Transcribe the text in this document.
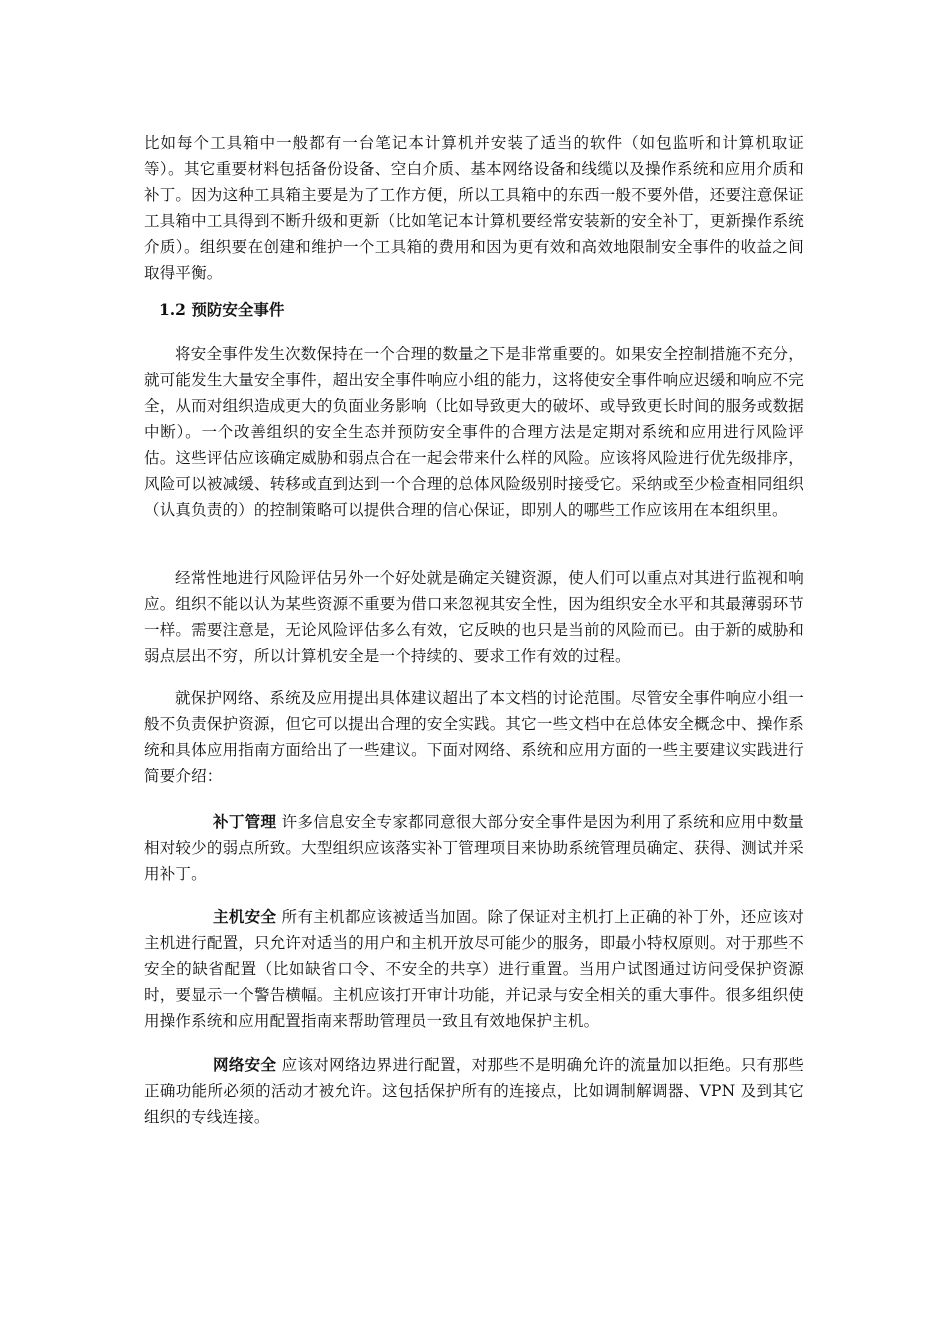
比如每个工具箱中一般都有一台笔记本计算机并安装了适当的软件（如包监听和计算机取证等）。其它重要材料包括备份设备、空白介质、基本网络设备和线缆以及操作系统和应用介质和补丁。因为这种工具箱主要是为了工作方便，所以工具箱中的东西一般不要外借，还要注意保证工具箱中工具得到不断升级和更新（比如笔记本计算机要经常安装新的安全补丁，更新操作系统介质）。组织要在创建和维护一个工具箱的费用和因为更有效和高效地限制安全事件的收益之间取得平衡。

1.2 预防安全事件

将安全事件发生次数保持在一个合理的数量之下是非常重要的。如果安全控制措施不充分，就可能发生大量安全事件，超出安全事件响应小组的能力，这将使安全事件响应迟缓和响应不完全，从而对组织造成更大的负面业务影响（比如导致更大的破坏、或导致更长时间的服务或数据中断）。一个改善组织的安全生态并预防安全事件的合理方法是定期对系统和应用进行风险评估。这些评估应该确定威胁和弱点合在一起会带来什么样的风险。应该将风险进行优先级排序，风险可以被减缓、转移或直到达到一个合理的总体风险级别时接受它。采纳或至少检查相同组织（认真负责的）的控制策略可以提供合理的信心保证，即别人的哪些工作应该用在本组织里。

经常性地进行风险评估另外一个好处就是确定关键资源，使人们可以重点对其进行监视和响应。组织不能以认为某些资源不重要为借口来忽视其安全性，因为组织安全水平和其最薄弱环节一样。需要注意是，无论风险评估多么有效，它反映的也只是当前的风险而已。由于新的威胁和弱点层出不穷，所以计算机安全是一个持续的、要求工作有效的过程。

就保护网络、系统及应用提出具体建议超出了本文档的讨论范围。尽管安全事件响应小组一般不负责保护资源，但它可以提出合理的安全实践。其它一些文档中在总体安全概念中、操作系统和具体应用指南方面给出了一些建议。下面对网络、系统和应用方面的一些主要建议实践进行简要介绍：

补丁管理 许多信息安全专家都同意很大部分安全事件是因为利用了系统和应用中数量相对较少的弱点所致。大型组织应该落实补丁管理项目来协助系统管理员确定、获得、测试并采用补丁。

主机安全 所有主机都应该被适当加固。除了保证对主机打上正确的补丁外，还应该对主机进行配置，只允许对适当的用户和主机开放尽可能少的服务，即最小特权原则。对于那些不安全的缺省配置（比如缺省口令、不安全的共享）进行重置。当用户试图通过访问受保护资源时，要显示一个警告横幅。主机应该打开审计功能，并记录与安全相关的重大事件。很多组织使用操作系统和应用配置指南来帮助管理员一致且有效地保护主机。

网络安全 应该对网络边界进行配置，对那些不是明确允许的流量加以拒绝。只有那些正确功能所必须的活动才被允许。这包括保护所有的连接点，比如调制解调器、VPN 及到其它组织的专线连接。
